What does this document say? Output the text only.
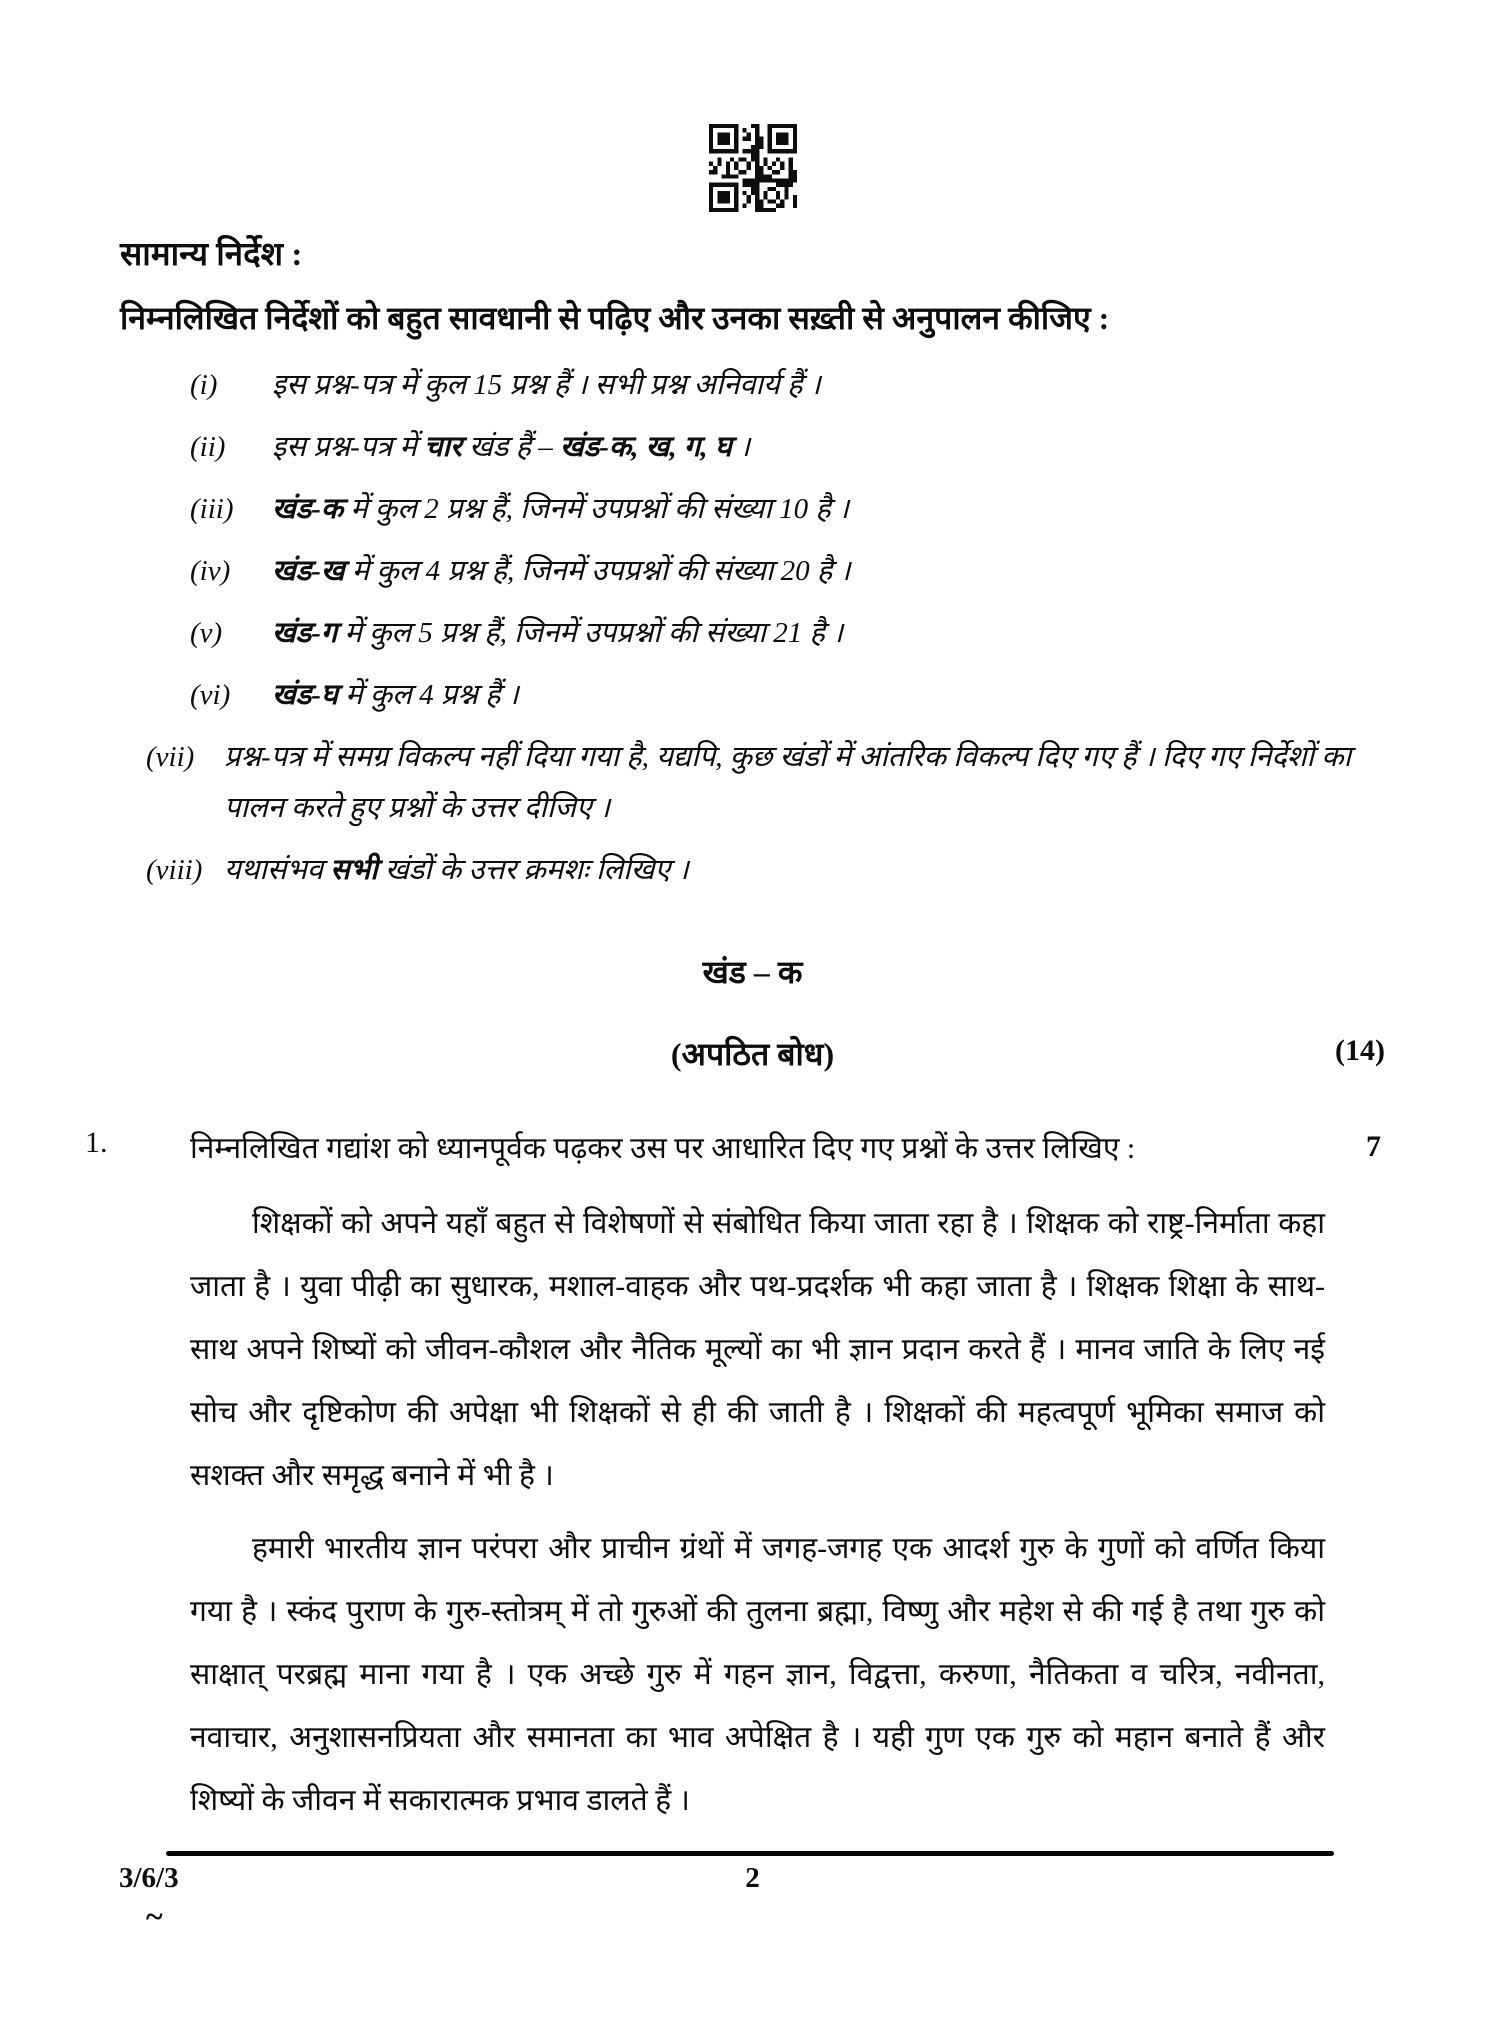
सामान्य निर्देश :
निम्नलिखित निर्देशों को बहुत सावधानी से पढ़िए और उनका सख़्ती से अनुपालन कीजिए :
(i)	इस प्रश्न-पत्र में कुल 15 प्रश्न हैं । सभी प्रश्न अनिवार्य हैं ।
(ii)	इस प्रश्न-पत्र में चार खंड हैं – खंड-क, ख, ग, घ ।
(iii)	खंड-क में कुल 2 प्रश्न हैं, जिनमें उपप्रश्नों की संख्या 10 है ।
(iv)	खंड-ख में कुल 4 प्रश्न हैं, जिनमें उपप्रश्नों की संख्या 20 है ।
(v)	खंड-ग में कुल 5 प्रश्न हैं, जिनमें उपप्रश्नों की संख्या 21 है ।
(vi)	खंड-घ में कुल 4 प्रश्न हैं ।
(vii)	प्रश्न-पत्र में समग्र विकल्प नहीं दिया गया है, यद्यपि, कुछ खंडों में आंतरिक विकल्प दिए गए हैं । दिए गए निर्देशों का पालन करते हुए प्रश्नों के उत्तर दीजिए ।
(viii) यथासंभव सभी खंडों के उत्तर क्रमशः लिखिए ।
खंड – क
(अपठित बोध)	(14)
1.	निम्नलिखित गद्यांश को ध्यानपूर्वक पढ़कर उस पर आधारित दिए गए प्रश्नों के उत्तर लिखिए :	7

शिक्षकों को अपने यहाँ बहुत से विशेषणों से संबोधित किया जाता रहा है । शिक्षक को राष्ट्र-निर्माता कहा जाता है । युवा पीढ़ी का सुधारक, मशाल-वाहक और पथ-प्रदर्शक भी कहा जाता है । शिक्षक शिक्षा के साथ-साथ अपने शिष्यों को जीवन-कौशल और नैतिक मूल्यों का भी ज्ञान प्रदान करते हैं । मानव जाति के लिए नई सोच और दृष्टिकोण की अपेक्षा भी शिक्षकों से ही की जाती है । शिक्षकों की महत्वपूर्ण भूमिका समाज को सशक्त और समृद्ध बनाने में भी है ।

हमारी भारतीय ज्ञान परंपरा और प्राचीन ग्रंथों में जगह-जगह एक आदर्श गुरु के गुणों को वर्णित किया गया है । स्कंद पुराण के गुरु-स्तोत्रम् में तो गुरुओं की तुलना ब्रह्मा, विष्णु और महेश से की गई है तथा गुरु को साक्षात् परब्रह्म माना गया है । एक अच्छे गुरु में गहन ज्ञान, विद्वत्ता, करुणा, नैतिकता व चरित्र, नवीनता, नवाचार, अनुशासनप्रियता और समानता का भाव अपेक्षित है । यही गुण एक गुरु को महान बनाते हैं और शिष्यों के जीवन में सकारात्मक प्रभाव डालते हैं ।

3/6/3	2
~
